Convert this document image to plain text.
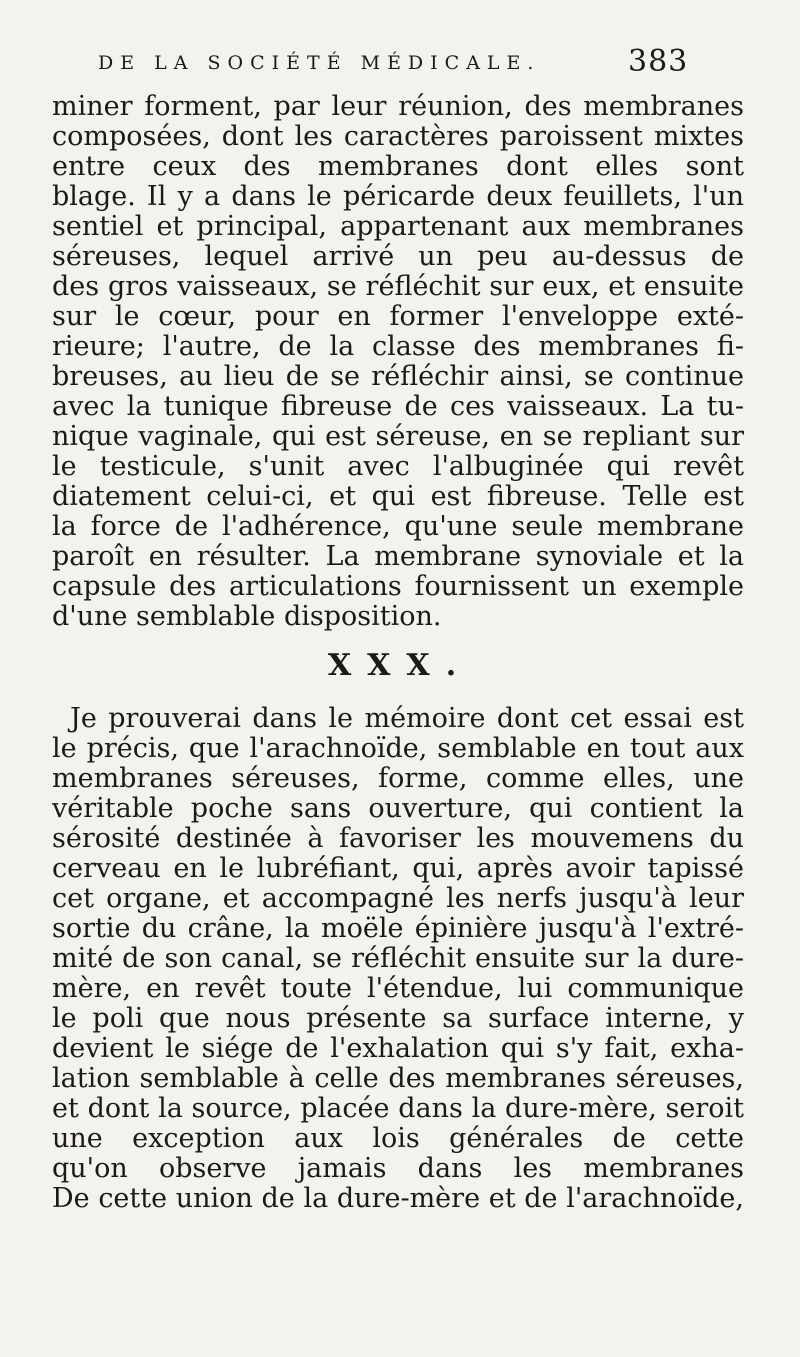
DE LA SOCIÉTÉ MÉDICALE.	383
miner forment, par leur réunion, des membranes
composées, dont les caractères paroissent mixtes
entre ceux des membranes dont elles sont
blage. Il y a dans le péricarde deux feuillets, l'un
sentiel et principal, appartenant aux membranes
séreuses, lequel arrivé un peu au-dessus de
des gros vaisseaux, se réfléchit sur eux, et ensuite
sur le cœur, pour en former l'enveloppe exté-
rieure; l'autre, de la classe des membranes fi-
breuses, au lieu de se réfléchir ainsi, se continue
avec la tunique fibreuse de ces vaisseaux. La tu-
nique vaginale, qui est séreuse, en se repliant sur
le testicule, s'unit avec l'albuginée qui revêt
diatement celui-ci, et qui est fibreuse. Telle est
la force de l'adhérence, qu'une seule membrane
paroît en résulter. La membrane synoviale et la
capsule des articulations fournissent un exemple
d'une semblable disposition.
XXX.
Je prouverai dans le mémoire dont cet essai est
le précis, que l'arachnoïde, semblable en tout aux
membranes séreuses, forme, comme elles, une
véritable poche sans ouverture, qui contient la
sérosité destinée à favoriser les mouvemens du
cerveau en le lubréfiant, qui, après avoir tapissé
cet organe, et accompagné les nerfs jusqu'à leur
sortie du crâne, la moële épinière jusqu'à l'extré-
mité de son canal, se réfléchit ensuite sur la dure-
mère, en revêt toute l'étendue, lui communique
le poli que nous présente sa surface interne, y
devient le siége de l'exhalation qui s'y fait, exha-
lation semblable à celle des membranes séreuses,
et dont la source, placée dans la dure-mère, seroit
une exception aux lois générales de cette
qu'on observe jamais dans les membranes
De cette union de la dure-mère et de l'arachnoïde,
